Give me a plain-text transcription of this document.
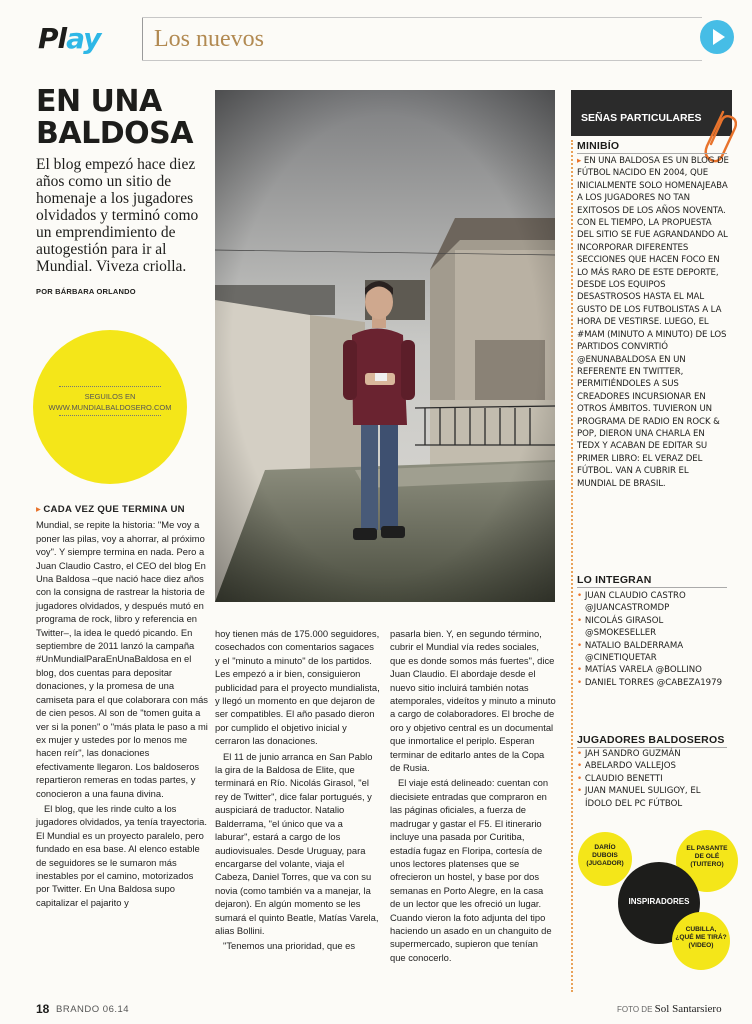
Play Los nuevos
EN UNA
BALDOSA
El blog empezó hace diez años como un sitio de homenaje a los jugadores olvidados y terminó como un emprendimiento de autogestión para ir al Mundial. Viveza criolla.
POR BÁRBARA ORLANDO
SEGUILOS EN
WWW.MUNDIALBALDOSERO.COM

▸ CADA VEZ QUE TERMINA UN

Mundial, se repite la historia: "Me voy a poner las pilas, voy a ahorrar, al próximo voy". Y siempre termina en nada. Pero a Juan Claudio Castro, el CEO del blog En Una Baldosa –que nació hace diez años con la consigna de rastrear la historia de jugadores olvidados, y después mutó en programa de rock, libro y referencia en Twitter–, la idea le quedó picando. En septiembre de 2011 lanzó la campaña #UnMundialParaEnUnaBaldosa en el blog, dos cuentas para depositar donaciones, y la promesa de una camiseta para el que colaborara con más de cien pesos. Al son de "tomen guita a ver si la ponen" o "más plata le paso a mi ex mujer y ustedes por lo menos me hacen reír", las donaciones efectivamente llegaron. Los baldoseros repartieron remeras en todas partes, y conocieron a una fauna divina.

El blog, que les rinde culto a los jugadores olvidados, ya tenía trayectoria. El Mundial es un proyecto paralelo, pero fundado en esa base. Al elenco estable de seguidores se le sumaron más inestables por el camino, motorizados por Twitter. En Una Baldosa supo capitalizar el pajarito y

hoy tienen más de 175.000 seguidores, cosechados con comentarios sagaces y el "minuto a minuto" de los partidos. Les empezó a ir bien, consiguieron publicidad para el proyecto mundialista, y llegó un momento en que dejaron de ser compatibles. El año pasado dieron por cumplido el objetivo inicial y cerraron las donaciones.

El 11 de junio arranca en San Pablo la gira de la Baldosa de Elite, que terminará en Río. Nicolás Girasol, "el rey de Twitter", dice falar portugués, y auspiciará de traductor. Natalio Balderrama, "el único que va a laburar", estará a cargo de los audiovisuales. Desde Uruguay, para encargarse del volante, viaja el Cabeza, Daniel Torres, que va con su novia (como también va a manejar, la dejaron). En algún momento se les sumará el quinto Beatle, Matías Varela, alias Bollini.

"Tenemos una prioridad, que es

pasarla bien. Y, en segundo término, cubrir el Mundial vía redes sociales, que es donde somos más fuertes", dice Juan Claudio. El abordaje desde el nuevo sitio incluirá también notas atemporales, videítos y minuto a minuto a cargo de colaboradores. El broche de oro y objetivo central es un documental que inmortalice el periplo. Esperan terminar de editarlo antes de la Copa de Rusia.

El viaje está delineado: cuentan con diecisiete entradas que compraron en las páginas oficiales, a fuerza de madrugar y gastar el F5. El itinerario incluye una pasada por Curitiba, estadía fugaz en Floripa, cortesía de unos lectores platenses que se ofrecieron un hostel, y base por dos semanas en Porto Alegre, en la casa de un lector que les ofreció un lugar. Cuando vieron la foto adjunta del tipo haciendo un asado en un changuito de supermercado, supieron que tenían que conocerlo.

SEÑAS PARTICULARES
MINIBÍO
▸ EN UNA BALDOSA ES UN BLOG DE FÚTBOL NACIDO EN 2004, QUE INICIALMENTE SOLO HOMENAJEABA A LOS JUGADORES NO TAN EXITOSOS DE LOS AÑOS NOVENTA. CON EL TIEMPO, LA PROPUESTA DEL SITIO SE FUE AGRANDANDO AL INCORPORAR DIFERENTES SECCIONES QUE HACEN FOCO EN LO MÁS RARO DE ESTE DEPORTE, DESDE LOS EQUIPOS DESASTROSOS HASTA EL MAL GUSTO DE LOS FUTBOLISTAS A LA HORA DE VESTIRSE. LUEGO, EL #MAM (MINUTO A MINUTO) DE LOS PARTIDOS CONVIRTIÓ @ENUNABALDOSA EN UN REFERENTE EN TWITTER, PERMITIÉNDOLES A SUS CREADORES INCURSIONAR EN OTROS ÁMBITOS. TUVIERON UN PROGRAMA DE RADIO EN ROCK & POP, DIERON UNA CHARLA EN TEDX Y ACABAN DE EDITAR SU PRIMER LIBRO: EL VERAZ DEL FÚTBOL. VAN A CUBRIR EL MUNDIAL DE BRASIL.
LO INTEGRAN
• JUAN CLAUDIO CASTRO
@JUANCASTROMDP
• NICOLÁS GIRASOL
@SMOKESELLER
• NATALIO BALDERRAMA
@CINETIQUETAR
• MATÍAS VARELA @BOLLINO
• DANIEL TORRES @CABEZA1979
JUGADORES BALDOSEROS
• JAH SANDRO GUZMÁN
• ABELARDO VALLEJOS
• CLAUDIO BENETTI
• JUAN MANUEL SULIGOY, EL
ÍDOLO DEL PC FÚTBOL
DARÍO
DUBOIS
(JUGADOR)
EL PASANTE
DE OLÉ
(TUITERO)
INSPIRADORES
CUBILLA,
¿QUÉ ME TIRÁ?
(VIDEO)
18 BRANDO 06.14	FOTO DE Sol Santarsiero
